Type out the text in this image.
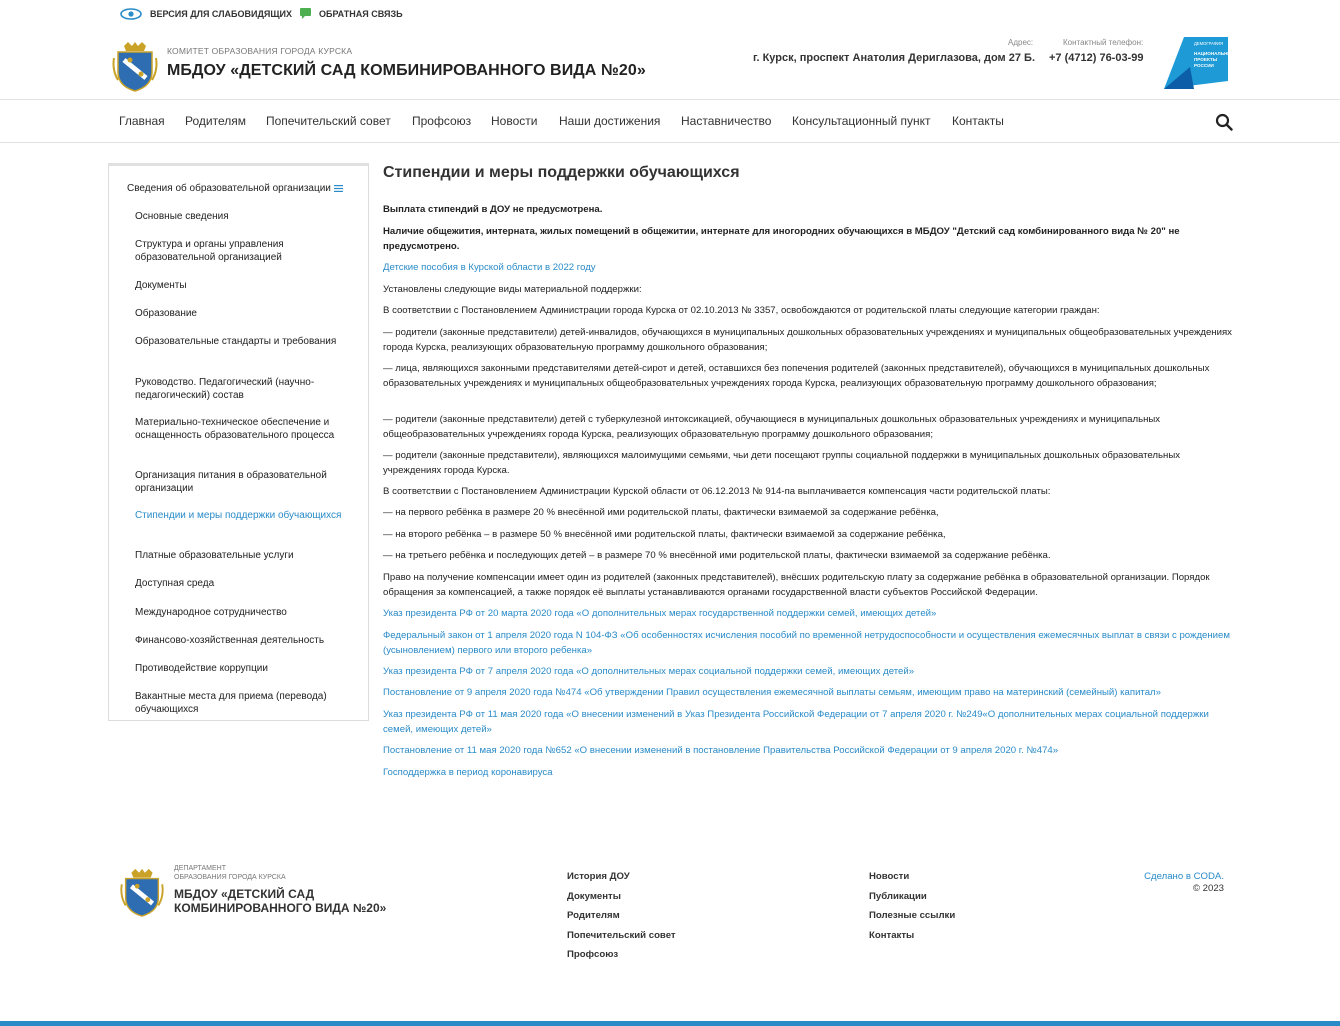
ВЕРСИЯ ДЛЯ СЛАБОВИДЯЩИХ	ОБРАТНАЯ СВЯЗЬ
КОМИТЕТ ОБРАЗОВАНИЯ ГОРОДА КУРСКА
МБДОУ «ДЕТСКИЙ САД КОМБИНИРОВАННОГО ВИДА №20»
Адрес:
г. Курск, проспект Анатолия Дериглазова, дом 27 Б.
Контактный телефон:
+7 (4712) 76-03-99
ДЕМОГРАФИЯ
НАЦИОНАЛЬНЫЕ
ПРОЕКТЫ
РОССИИ
Главная Родителям Попечительский совет Профсоюз Новости Наши достижения Наставничество Консультационный пункт Контакты
Сведения об образовательной организации
Основные сведения
Структура и органы управления образовательной организацией
Документы
Образование
Образовательные стандарты и требования
Руководство. Педагогический (научно-педагогический) состав
Материально-техническое обеспечение и оснащенность образовательного процесса
Организация питания в образовательной организации
Стипендии и меры поддержки обучающихся
Платные образовательные услуги
Доступная среда
Международное сотрудничество
Финансово-хозяйственная деятельность
Противодействие коррупции
Вакантные места для приема (перевода) обучающихся
Стипендии и меры поддержки обучающихся
Выплата стипендий в ДОУ не предусмотрена.
Наличие общежития, интерната, жилых помещений в общежитии, интернате для иногородних обучающихся в МБДОУ "Детский сад комбинированного вида № 20" не предусмотрено.
Детские пособия в Курской области в 2022 году
Установлены следующие виды материальной поддержки:
В соответствии с Постановлением Администрации города Курска от 02.10.2013 № 3357, освобождаются от родительской платы следующие категории граждан:
— родители (законные представители) детей-инвалидов, обучающихся в муниципальных дошкольных образовательных учреждениях и муниципальных общеобразовательных учреждениях города Курска, реализующих образовательную программу дошкольного образования;
— лица, являющихся законными представителями детей-сирот и детей, оставшихся без попечения родителей (законных представителей), обучающихся в муниципальных дошкольных образовательных учреждениях и муниципальных общеобразовательных учреждениях города Курска, реализующих образовательную программу дошкольного образования;
— родители (законные представители) детей с туберкулезной интоксикацией, обучающиеся в муниципальных дошкольных образовательных учреждениях и муниципальных общеобразовательных учреждениях города Курска, реализующих образовательную программу дошкольного образования;
— родители (законные представители), являющихся малоимущими семьями, чьи дети посещают группы социальной поддержки в муниципальных дошкольных образовательных учреждениях города Курска.
В соответствии с Постановлением Администрации Курской области от 06.12.2013 № 914-па выплачивается компенсация части родительской платы:
— на первого ребёнка в размере 20 % внесённой ими родительской платы, фактически взимаемой за содержание ребёнка,
— на второго ребёнка – в размере 50 % внесённой ими родительской платы, фактически взимаемой за содержание ребёнка,
— на третьего ребёнка и последующих детей – в размере 70 % внесённой ими родительской платы, фактически взимаемой за содержание ребёнка.
Право на получение компенсации имеет один из родителей (законных представителей), внёсших родительскую плату за содержание ребёнка в образовательной организации. Порядок обращения за компенсацией, а также порядок её выплаты устанавливаются органами государственной власти субъектов Российской Федерации.
Указ президента РФ от 20 марта 2020 года «О дополнительных мерах государственной поддержки семей, имеющих детей»
Федеральный закон от 1 апреля 2020 года N 104-ФЗ «Об особенностях исчисления пособий по временной нетрудоспособности и осуществления ежемесячных выплат в связи с рождением (усыновлением) первого или второго ребенка»
Указ президента РФ от 7 апреля 2020 года «О дополнительных мерах социальной поддержки семей, имеющих детей»
Постановление от 9 апреля 2020 года №474 «Об утверждении Правил осуществления ежемесячной выплаты семьям, имеющим право на материнский (семейный) капитал»
Указ президента РФ от 11 мая 2020 года «О внесении изменений в Указ Президента Российской Федерации от 7 апреля 2020 г. №249«О дополнительных мерах социальной поддержки семей, имеющих детей»
Постановление от 11 мая 2020 года №652 «О внесении изменений в постановление Правительства Российской Федерации от 9 апреля 2020 г. №474»
Господдержка в период коронавируса
ДЕПАРТАМЕНТ
ОБРАЗОВАНИЯ ГОРОДА КУРСКА
МБДОУ «ДЕТСКИЙ САД
КОМБИНИРОВАННОГО ВИДА №20»
История ДОУ
Документы
Родителям
Попечительский совет
Профсоюз
Новости
Публикации
Полезные ссылки
Контакты
Сделано в CODA.
© 2023
